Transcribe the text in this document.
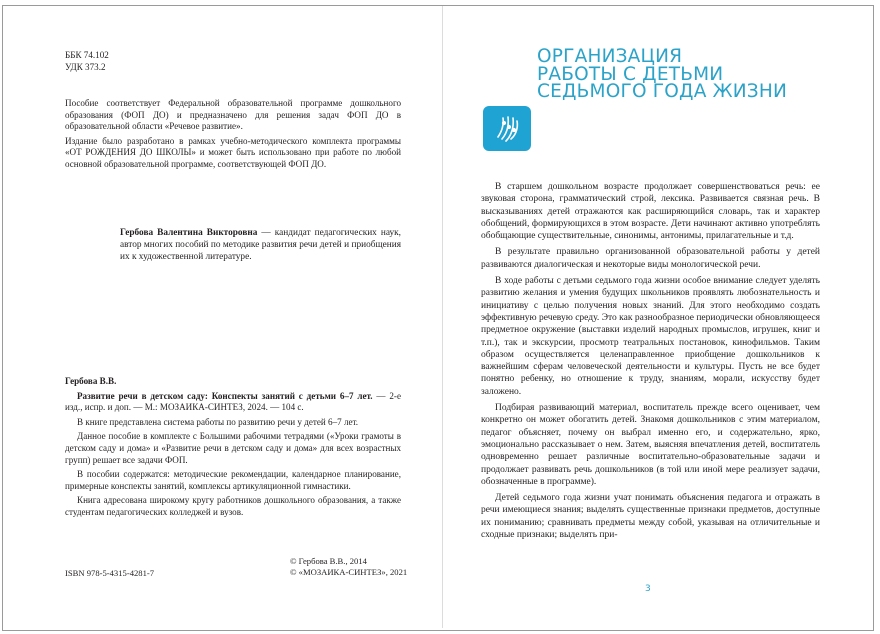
ББК 74.102
УДК 373.2

Пособие соответствует Федеральной образовательной программе дошкольного образования (ФОП ДО) и предназначено для решения задач ФОП ДО в образовательной области «Речевое развитие».

Издание было разработано в рамках учебно-методического комплекта программы «ОТ РОЖДЕНИЯ ДО ШКОЛЫ» и может быть использовано при работе по любой основной образовательной программе, соответствующей ФОП ДО.

Гербова Валентина Викторовна — кандидат педагогических наук, автор многих пособий по методике развития речи детей и приобщения их к художественной литературе.

Гербова В.В.

Развитие речи в детском саду: Конспекты занятий с детьми 6–7 лет. — 2-е изд., испр. и доп. — М.: МОЗАИКА-СИНТЕЗ, 2024. — 104 с.

В книге представлена система работы по развитию речи у детей 6–7 лет.

Данное пособие в комплекте с Большими рабочими тетрадями («Уроки грамоты в детском саду и дома» и «Развитие речи в детском саду и дома» для всех возрастных групп) решает все задачи ФОП.

В пособии содержатся: методические рекомендации, календарное планирование, примерные конспекты занятий, комплексы артикуляционной гимнастики.

Книга адресована широкому кругу работников дошкольного образования, а также студентам педагогических колледжей и вузов.

ISBN 978-5-4315-4281-7
© Гербова В.В., 2014
© «МОЗАИКА-СИНТЕЗ», 2021
ОРГАНИЗАЦИЯ
РАБОТЫ С ДЕТЬМИ
СЕДЬМОГО ГОДА ЖИЗНИ

В старшем дошкольном возрасте продолжает совершенствоваться речь: ее звуковая сторона, грамматический строй, лексика. Развивается связная речь. В высказываниях детей отражаются как расширяющийся словарь, так и характер обобщений, формирующихся в этом возрасте. Дети начинают активно употреблять обобщающие существительные, синонимы, антонимы, прилагательные и т.д.

В результате правильно организованной образовательной работы у детей развиваются диалогическая и некоторые виды монологической речи.

В ходе работы с детьми седьмого года жизни особое внимание следует уделять развитию желания и умения будущих школьников проявлять любознательность и инициативу с целью получения новых знаний. Для этого необходимо создать эффективную речевую среду. Это как разнообразное периодически обновляющееся предметное окружение (выставки изделий народных промыслов, игрушек, книг и т.п.), так и экскурсии, просмотр театральных постановок, кинофильмов. Таким образом осуществляется целенаправленное приобщение дошкольников к важнейшим сферам человеческой деятельности и культуры. Пусть не все будет понятно ребенку, но отношение к труду, знаниям, морали, искусству будет заложено.

Подбирая развивающий материал, воспитатель прежде всего оценивает, чем конкретно он может обогатить детей. Знакомя дошкольников с этим материалом, педагог объясняет, почему он выбрал именно его, и содержательно, ярко, эмоционально рассказывает о нем. Затем, выясняя впечатления детей, воспитатель одновременно решает различные воспитательно-образовательные задачи и продолжает развивать речь дошкольников (в той или иной мере реализует задачи, обозначенные в программе).

Детей седьмого года жизни учат понимать объяснения педагога и отражать в речи имеющиеся знания; выделять существенные признаки предметов, доступные их пониманию; сравнивать предметы между собой, указывая на отличительные и сходные признаки; выделять при-

3
